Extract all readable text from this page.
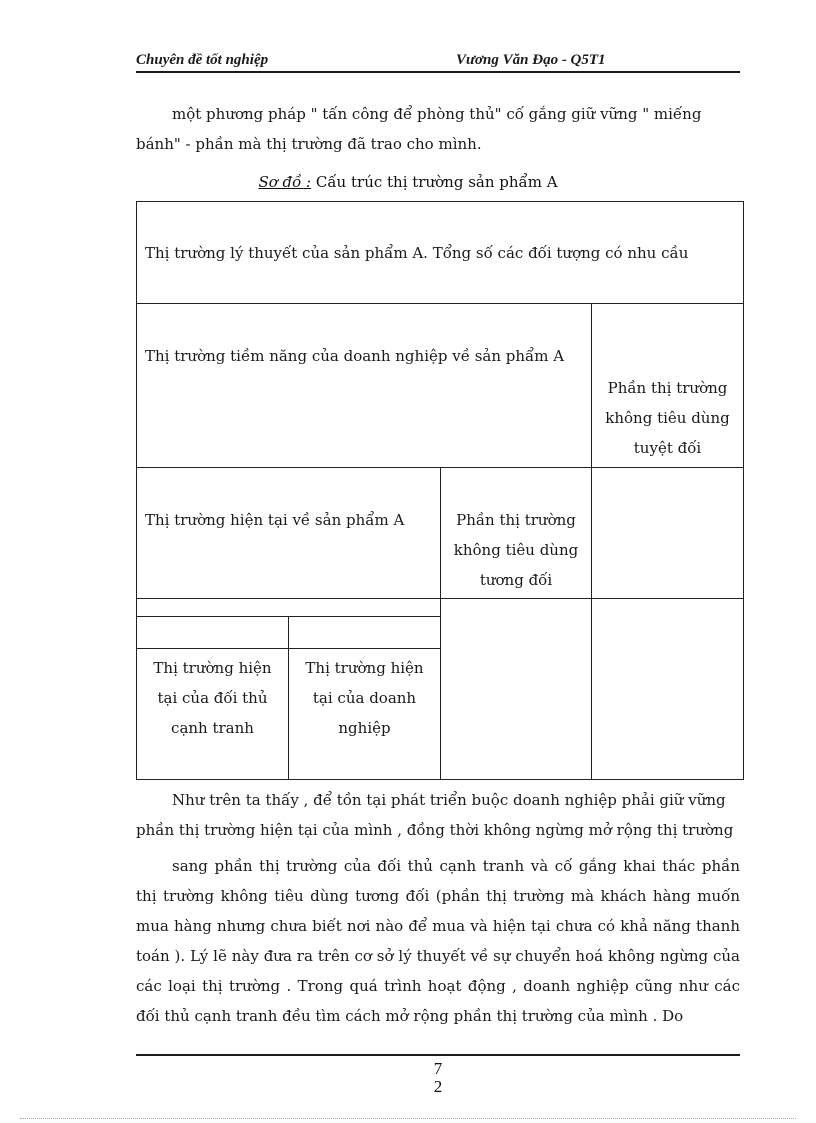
Chuyên đề tốt nghiệp	Vương Văn Đạo - Q5T1
một phương pháp " tấn công để phòng thủ" cố gắng giữ vững " miếng
bánh" - phần mà thị trường đã trao cho mình.
Sơ đồ : Cấu trúc thị trường sản phẩm A
Thị trường lý thuyết của sản phẩm A. Tổng số các đối tượng có nhu cầu
Thị trường tiềm năng của doanh nghiệp về sản phẩm A
Phần thị trường
không tiêu dùng
tuyệt đối
Thị trường hiện tại về sản phẩm A	Phần thị trường
không tiêu dùng
tương đối
Thị trường hiện
tại của đối thủ
cạnh tranh
Thị trường hiện
tại của doanh
nghiệp
Như trên ta thấy , để tồn tại phát triển buộc doanh nghiệp phải giữ vững
phần thị trường hiện tại của mình , đồng thời không ngừng mở rộng thị trường
sang phần thị trường của đối thủ cạnh tranh và cố gắng khai thác phần thị trường không tiêu dùng tương đối (phần thị trường mà khách hàng muốn mua hàng nhưng chưa biết nơi nào để mua và hiện tại chưa có khả năng thanh toán ). Lý lẽ này đưa ra trên cơ sở lý thuyết về sự chuyển hoá không ngừng của các loại thị trường . Trong quá trình hoạt động , doanh nghiệp cũng như các đối thủ cạnh tranh đều tìm cách mở rộng phần thị trường của mình . Do
7
2
